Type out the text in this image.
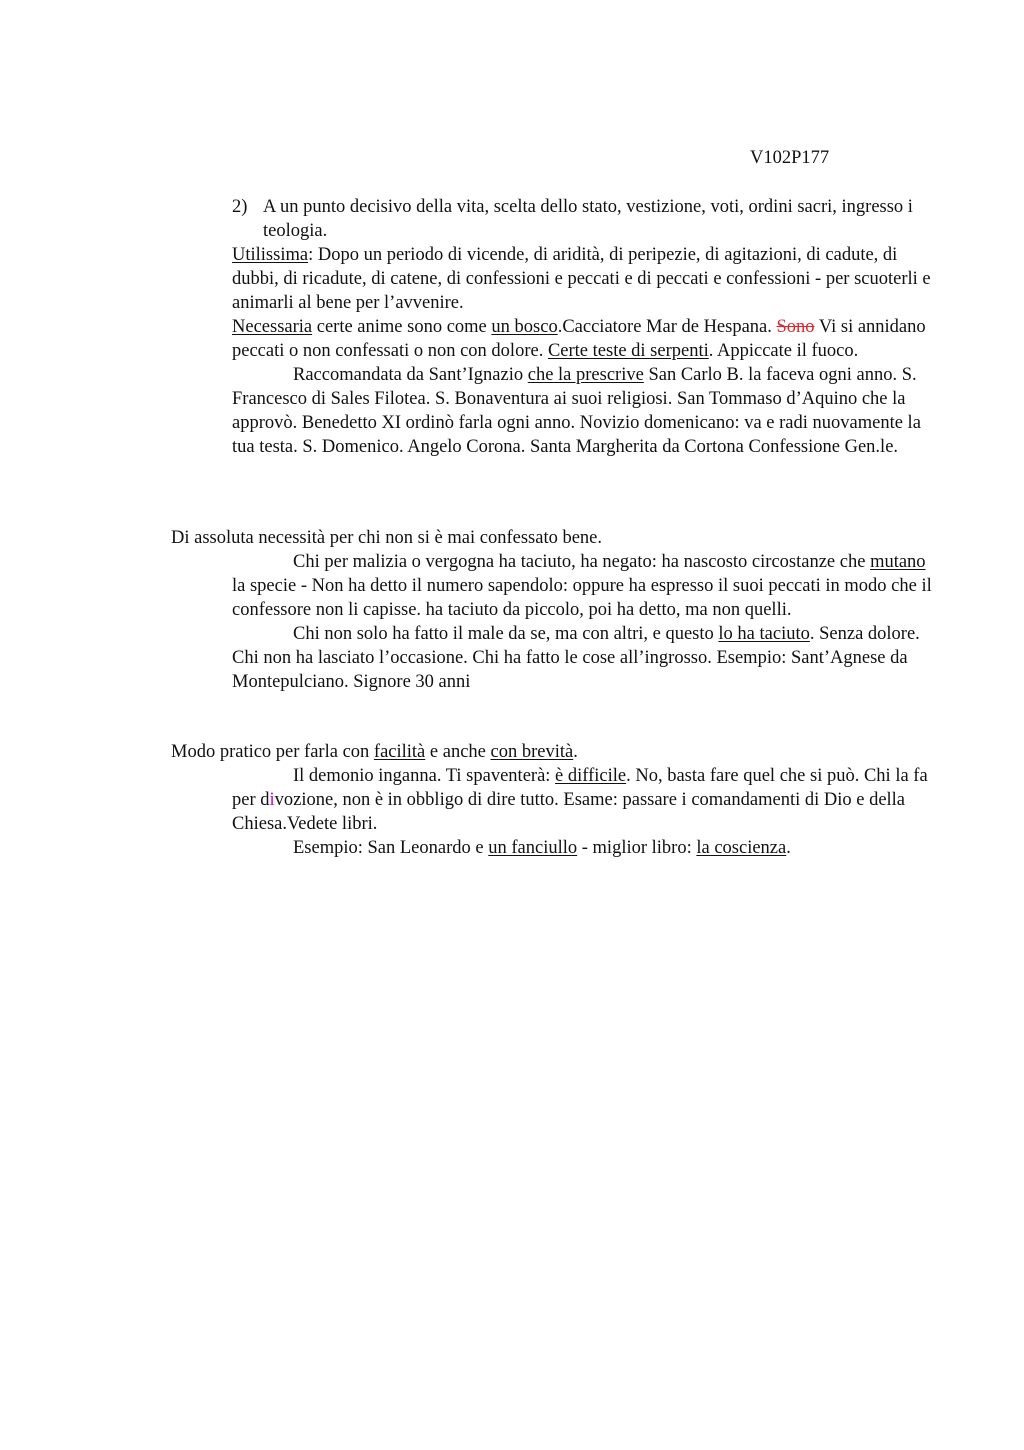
V102P177
2) A un punto decisivo della vita, scelta dello stato, vestizione, voti, ordini sacri, ingresso i teologia.

Utilissima: Dopo un periodo di vicende, di aridità, di peripezie, di agitazioni, di cadute, di dubbi, di ricadute, di catene, di confessioni e peccati e di peccati e confessioni - per scuoterli e animarli al bene per l’avvenire.

Necessaria certe anime sono come un bosco.Cacciatore Mar de Hespana. Sono Vi si annidano peccati o non confessati o non con dolore. Certe teste di serpenti. Appiccate il fuoco.

Raccomandata da Sant’Ignazio che la prescrive San Carlo B. la faceva ogni anno. S. Francesco di Sales Filotea. S. Bonaventura ai suoi religiosi. San Tommaso d’Aquino che la approvò. Benedetto XI ordinò farla ogni anno. Novizio domenicano: va e radi nuovamente la tua testa. S. Domenico. Angelo Corona. Santa Margherita da Cortona Confessione Gen.le.

Di assoluta necessità per chi non si è mai confessato bene.

Chi per malizia o vergogna ha taciuto, ha negato: ha nascosto circostanze che mutano la specie - Non ha detto il numero sapendolo: oppure ha espresso il suoi peccati in modo che il confessore non li capisse. ha taciuto da piccolo, poi ha detto, ma non quelli.

Chi non solo ha fatto il male da se, ma con altri, e questo lo ha taciuto. Senza dolore. Chi non ha lasciato l’occasione. Chi ha fatto le cose all’ingrosso. Esempio: Sant’Agnese da Montepulciano. Signore 30 anni

Modo pratico per farla con facilità e anche con brevità.

Il demonio inganna. Ti spaventerà: è difficile. No, basta fare quel che si può. Chi la fa per divozione, non è in obbligo di dire tutto. Esame: passare i comandamenti di Dio e della Chiesa.Vedete libri.

Esempio: San Leonardo e un fanciullo - miglior libro: la coscienza.
